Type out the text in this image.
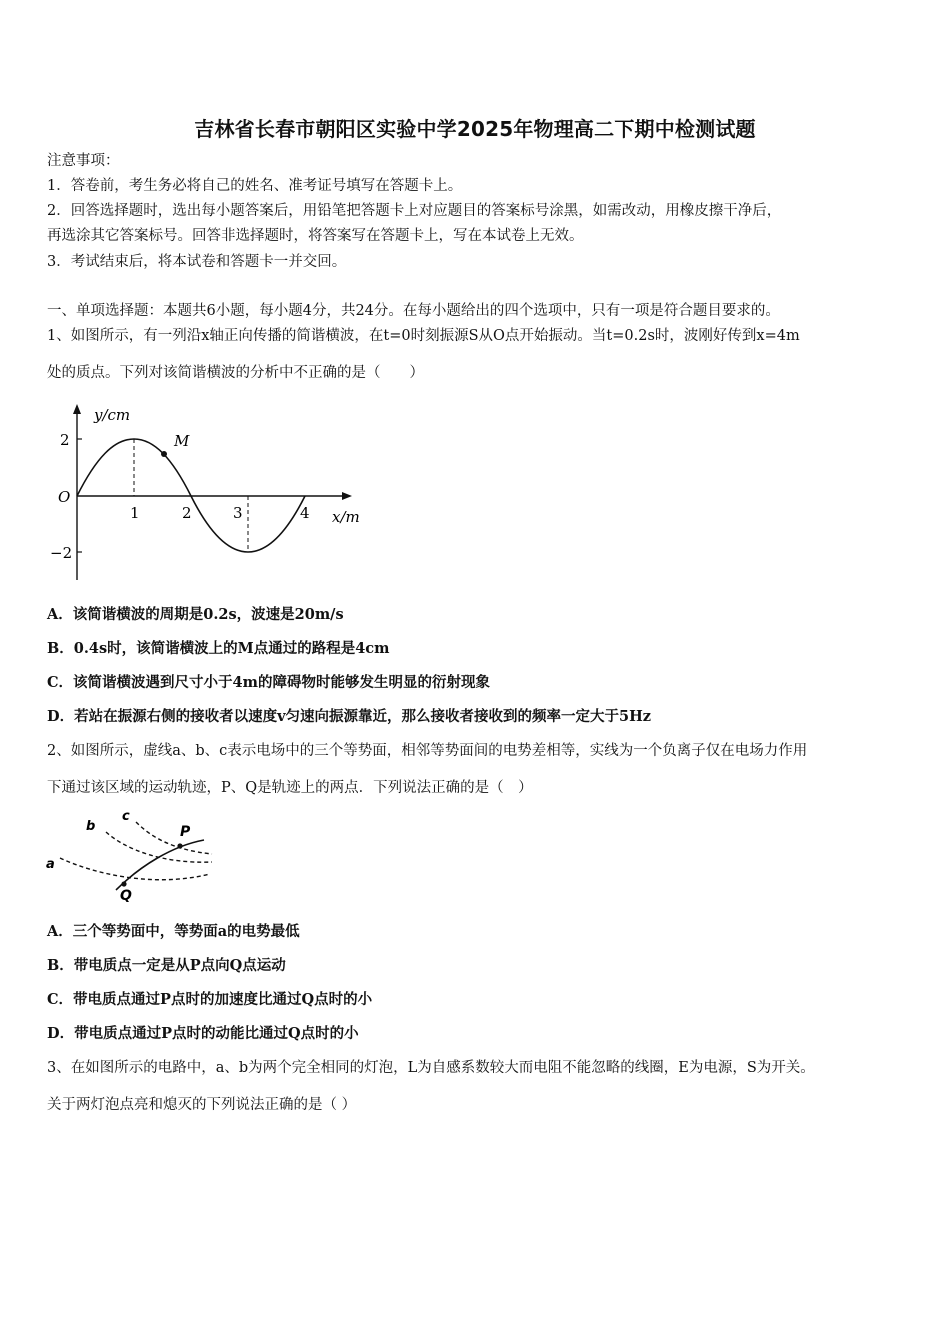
吉林省长春市朝阳区实验中学2025年物理高二下期中检测试题
注意事项：
1．答卷前，考生务必将自己的姓名、准考证号填写在答题卡上。
2．回答选择题时，选出每小题答案后，用铅笔把答题卡上对应题目的答案标号涂黑，如需改动，用橡皮擦干净后，
再选涂其它答案标号。回答非选择题时，将答案写在答题卡上，写在本试卷上无效。
3．考试结束后，将本试卷和答题卡一并交回。
一、单项选择题：本题共6小题，每小题4分，共24分。在每小题给出的四个选项中，只有一项是符合题目要求的。
1、如图所示，有一列沿x轴正向传播的简谐横波，在t=0时刻振源S从O点开始振动。当t=0.2s时，波刚好传到x=4m
处的质点。下列对该简谐横波的分析中不正确的是（　　）
y/cm
x/m
O
M
2
−2
1	2	3	4
A．该简谐横波的周期是0.2s，波速是20m/s
B．0.4s时，该简谐横波上的M点通过的路程是4cm
C．该简谐横波遇到尺寸小于4m的障碍物时能够发生明显的衍射现象
D．若站在振源右侧的接收者以速度v匀速向振源靠近，那么接收者接收到的频率一定大于5Hz
2、如图所示，虚线a、b、c表示电场中的三个等势面，相邻等势面间的电势差相等，实线为一个负离子仅在电场力作用
下通过该区域的运动轨迹，P、Q是轨迹上的两点．下列说法正确的是（　）
b
c
a
P
Q
A．三个等势面中，等势面a的电势最低
B．带电质点一定是从P点向Q点运动
C．带电质点通过P点时的加速度比通过Q点时的小
D．带电质点通过P点时的动能比通过Q点时的小
3、在如图所示的电路中，a、b为两个完全相同的灯泡，L为自感系数较大而电阻不能忽略的线圈，E为电源，S为开关。
关于两灯泡点亮和熄灭的下列说法正确的是（ ）
